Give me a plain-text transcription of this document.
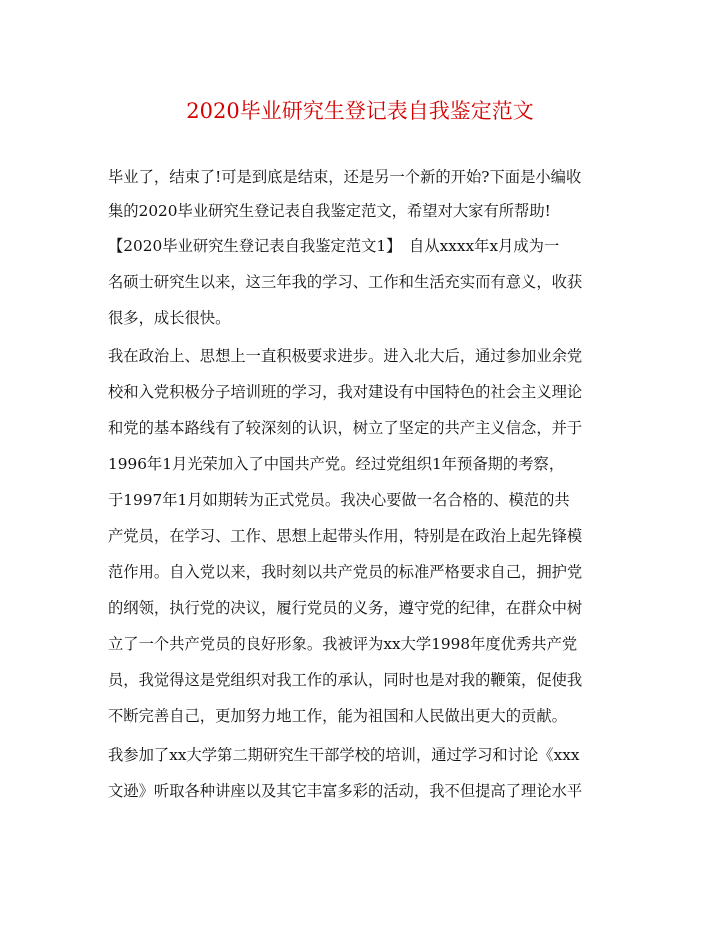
2020毕业研究生登记表自我鉴定范文
毕业了，结束了!可是到底是结束，还是另一个新的开始?下面是小编收
集的2020毕业研究生登记表自我鉴定范文，希望对大家有所帮助!
【2020毕业研究生登记表自我鉴定范文1】　自从xxxx年x月成为一
名硕士研究生以来，这三年我的学习、工作和生活充实而有意义，收获
很多，成长很快。
我在政治上、思想上一直积极要求进步。进入北大后，通过参加业余党
校和入党积极分子培训班的学习，我对建设有中国特色的社会主义理论
和党的基本路线有了较深刻的认识，树立了坚定的共产主义信念，并于
1996年1月光荣加入了中国共产党。经过党组织1年预备期的考察，
于1997年1月如期转为正式党员。我决心要做一名合格的、模范的共
产党员，在学习、工作、思想上起带头作用，特别是在政治上起先锋模
范作用。自入党以来，我时刻以共产党员的标准严格要求自己，拥护党
的纲领，执行党的决议，履行党员的义务，遵守党的纪律，在群众中树
立了一个共产党员的良好形象。我被评为xx大学1998年度优秀共产党
员，我觉得这是党组织对我工作的承认，同时也是对我的鞭策，促使我
不断完善自己，更加努力地工作，能为祖国和人民做出更大的贡献。
我参加了xx大学第二期研究生干部学校的培训，通过学习和讨论《xxx
文逊》听取各种讲座以及其它丰富多彩的活动，我不但提高了理论水平
